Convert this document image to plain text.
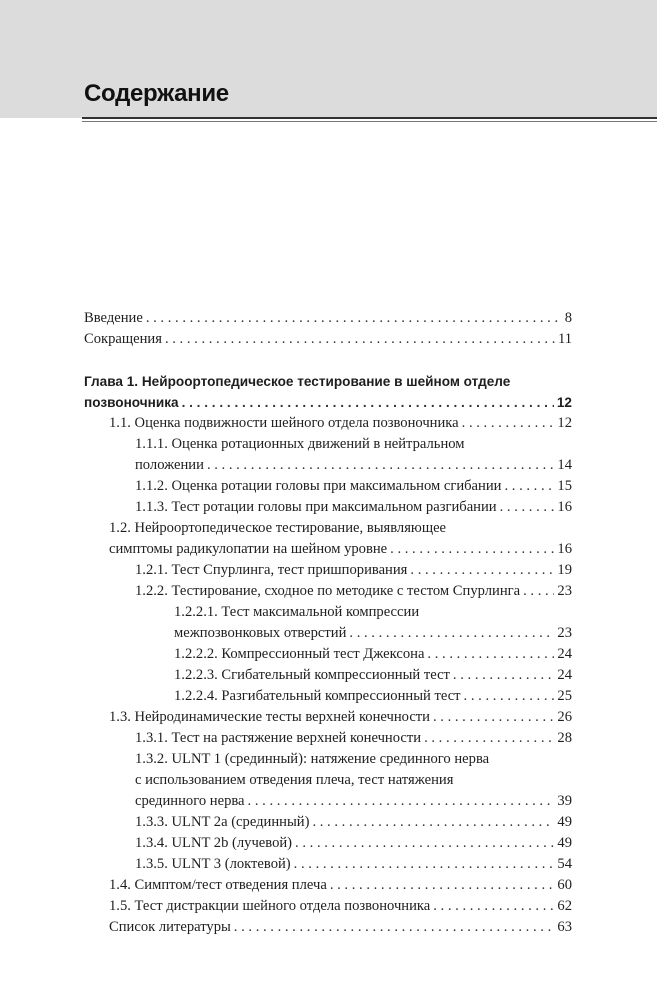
Содержание
Введение . . .	8
Сокращения . . .	11
Глава 1. Нейроортопедическое тестирование в шейном отделе
позвоночника . . .	12
1.1. Оценка подвижности шейного отдела позвоночника . . .	12
1.1.1. Оценка ротационных движений в нейтральном
положении . . .	14
1.1.2. Оценка ротации головы при максимальном сгибании . . .	15
1.1.3. Тест ротации головы при максимальном разгибании . . .	16
1.2. Нейроортопедическое тестирование, выявляющее
симптомы радикулопатии на шейном уровне . . .	16
1.2.1. Тест Спурлинга, тест пришпоривания . . .	19
1.2.2. Тестирование, сходное по методике с тестом Спурлинга . . .	23
1.2.2.1. Тест максимальной компрессии
межпозвонковых отверстий . . .	23
1.2.2.2. Компрессионный тест Джексона . . .	24
1.2.2.3. Сгибательный компрессионный тест . . .	24
1.2.2.4. Разгибательный компрессионный тест . . .	25
1.3. Нейродинамические тесты верхней конечности . . .	26
1.3.1. Тест на растяжение верхней конечности . . .	28
1.3.2. ULNT 1 (срединный): натяжение срединного нерва
с использованием отведения плеча, тест натяжения
срединного нерва . . .	39
1.3.3. ULNT 2a (срединный) . . .	49
1.3.4. ULNT 2b (лучевой) . . .	49
1.3.5. ULNT 3 (локтевой) . . .	54
1.4. Симптом/тест отведения плеча . . .	60
1.5. Тест дистракции шейного отдела позвоночника . . .	62
Список литературы . . .	63
